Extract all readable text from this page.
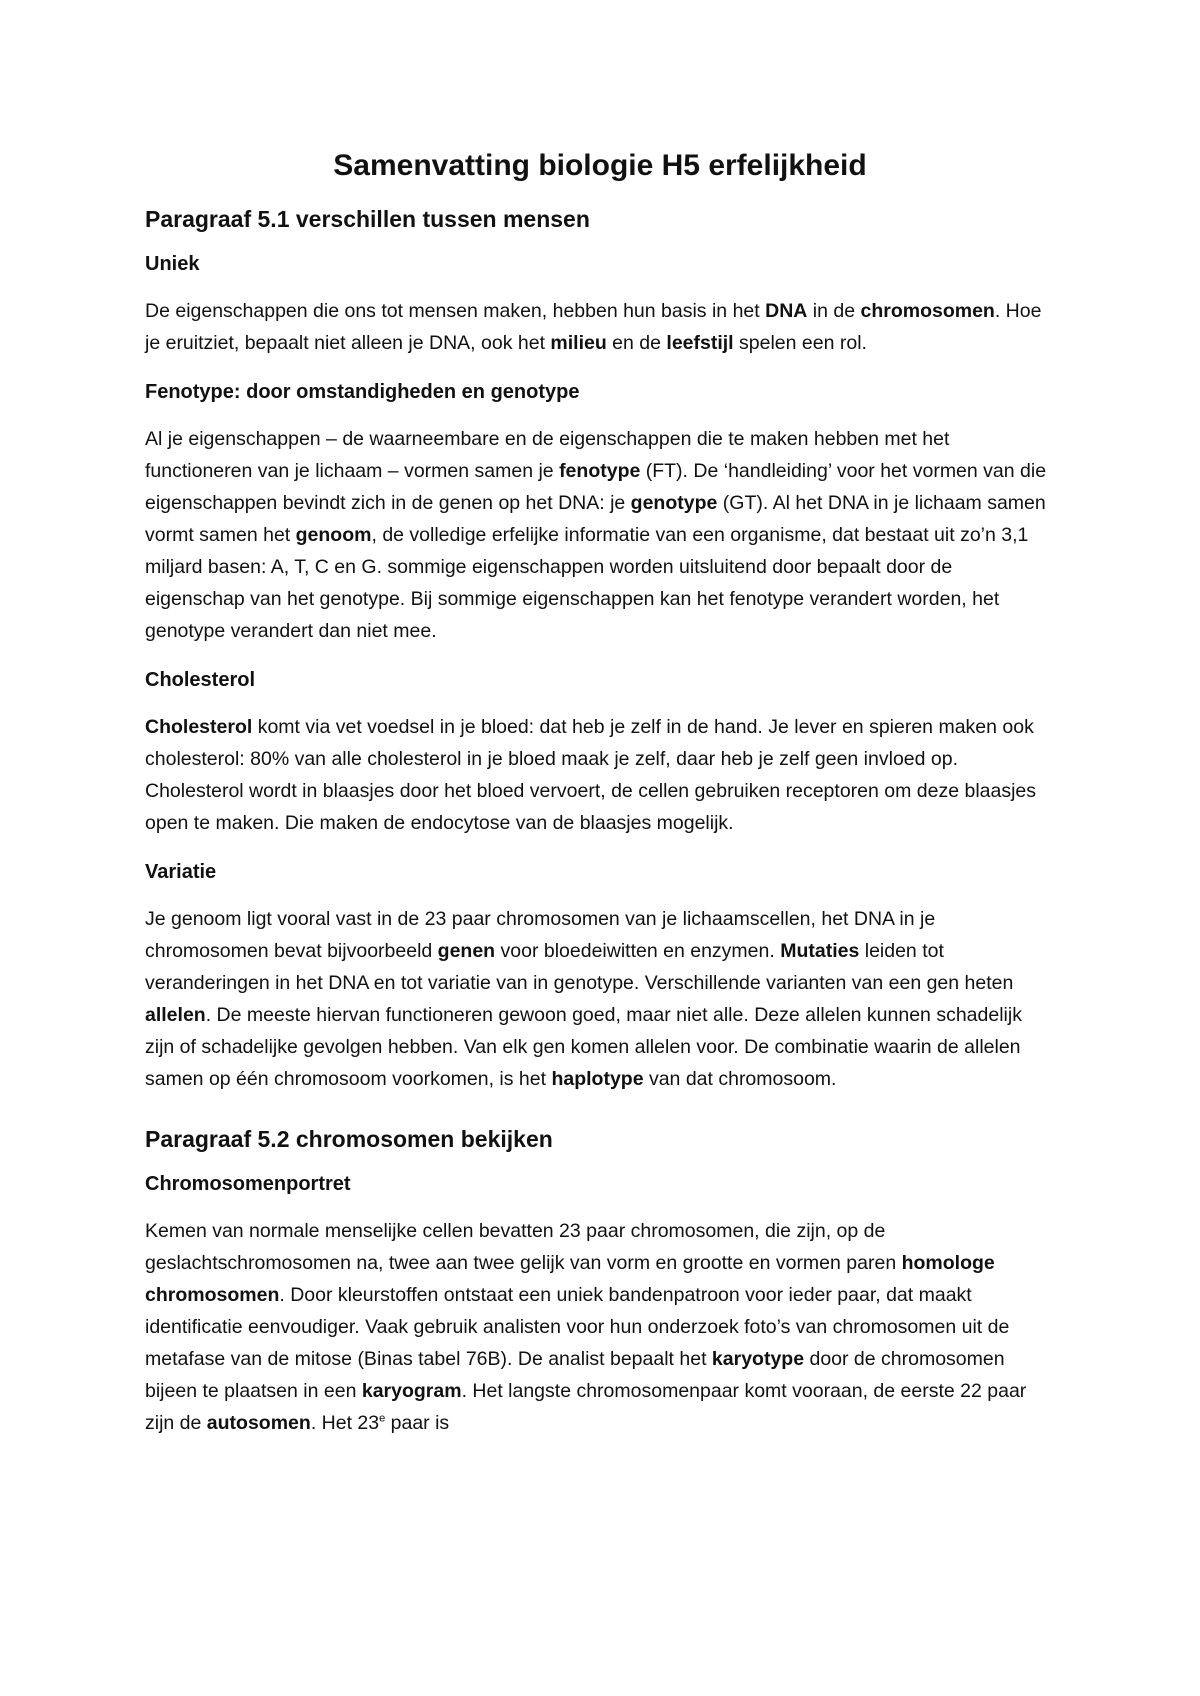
Samenvatting biologie H5 erfelijkheid
Paragraaf 5.1 verschillen tussen mensen
Uniek
De eigenschappen die ons tot mensen maken, hebben hun basis in het DNA in de chromosomen. Hoe je eruitziet, bepaalt niet alleen je DNA, ook het milieu en de leefstijl spelen een rol.
Fenotype: door omstandigheden en genotype
Al je eigenschappen – de waarneembare en de eigenschappen die te maken hebben met het functioneren van je lichaam – vormen samen je fenotype (FT). De ‘handleiding’ voor het vormen van die eigenschappen bevindt zich in de genen op het DNA: je genotype (GT). Al het DNA in je lichaam samen vormt samen het genoom, de volledige erfelijke informatie van een organisme, dat bestaat uit zo’n 3,1 miljard basen: A, T, C en G. sommige eigenschappen worden uitsluitend door bepaalt door de eigenschap van het genotype. Bij sommige eigenschappen kan het fenotype verandert worden, het genotype verandert dan niet mee.
Cholesterol
Cholesterol komt via vet voedsel in je bloed: dat heb je zelf in de hand. Je lever en spieren maken ook cholesterol: 80% van alle cholesterol in je bloed maak je zelf, daar heb je zelf geen invloed op. Cholesterol wordt in blaasjes door het bloed vervoert, de cellen gebruiken receptoren om deze blaasjes open te maken. Die maken de endocytose van de blaasjes mogelijk.
Variatie
Je genoom ligt vooral vast in de 23 paar chromosomen van je lichaamscellen, het DNA in je chromosomen bevat bijvoorbeeld genen voor bloedeiwitten en enzymen. Mutaties leiden tot veranderingen in het DNA en tot variatie van in genotype. Verschillende varianten van een gen heten allelen. De meeste hiervan functioneren gewoon goed, maar niet alle. Deze allelen kunnen schadelijk zijn of schadelijke gevolgen hebben. Van elk gen komen allelen voor. De combinatie waarin de allelen samen op één chromosoom voorkomen, is het haplotype van dat chromosoom.
Paragraaf 5.2 chromosomen bekijken
Chromosomenportret
Kemen van normale menselijke cellen bevatten 23 paar chromosomen, die zijn, op de geslachtschromosomen na, twee aan twee gelijk van vorm en grootte en vormen paren homologe chromosomen. Door kleurstoffen ontstaat een uniek bandenpatroon voor ieder paar, dat maakt identificatie eenvoudiger. Vaak gebruik analisten voor hun onderzoek foto’s van chromosomen uit de metafase van de mitose (Binas tabel 76B). De analist bepaalt het karyotype door de chromosomen bijeen te plaatsen in een karyogram. Het langste chromosomenpaar komt vooraan, de eerste 22 paar zijn de autosomen. Het 23e paar is
